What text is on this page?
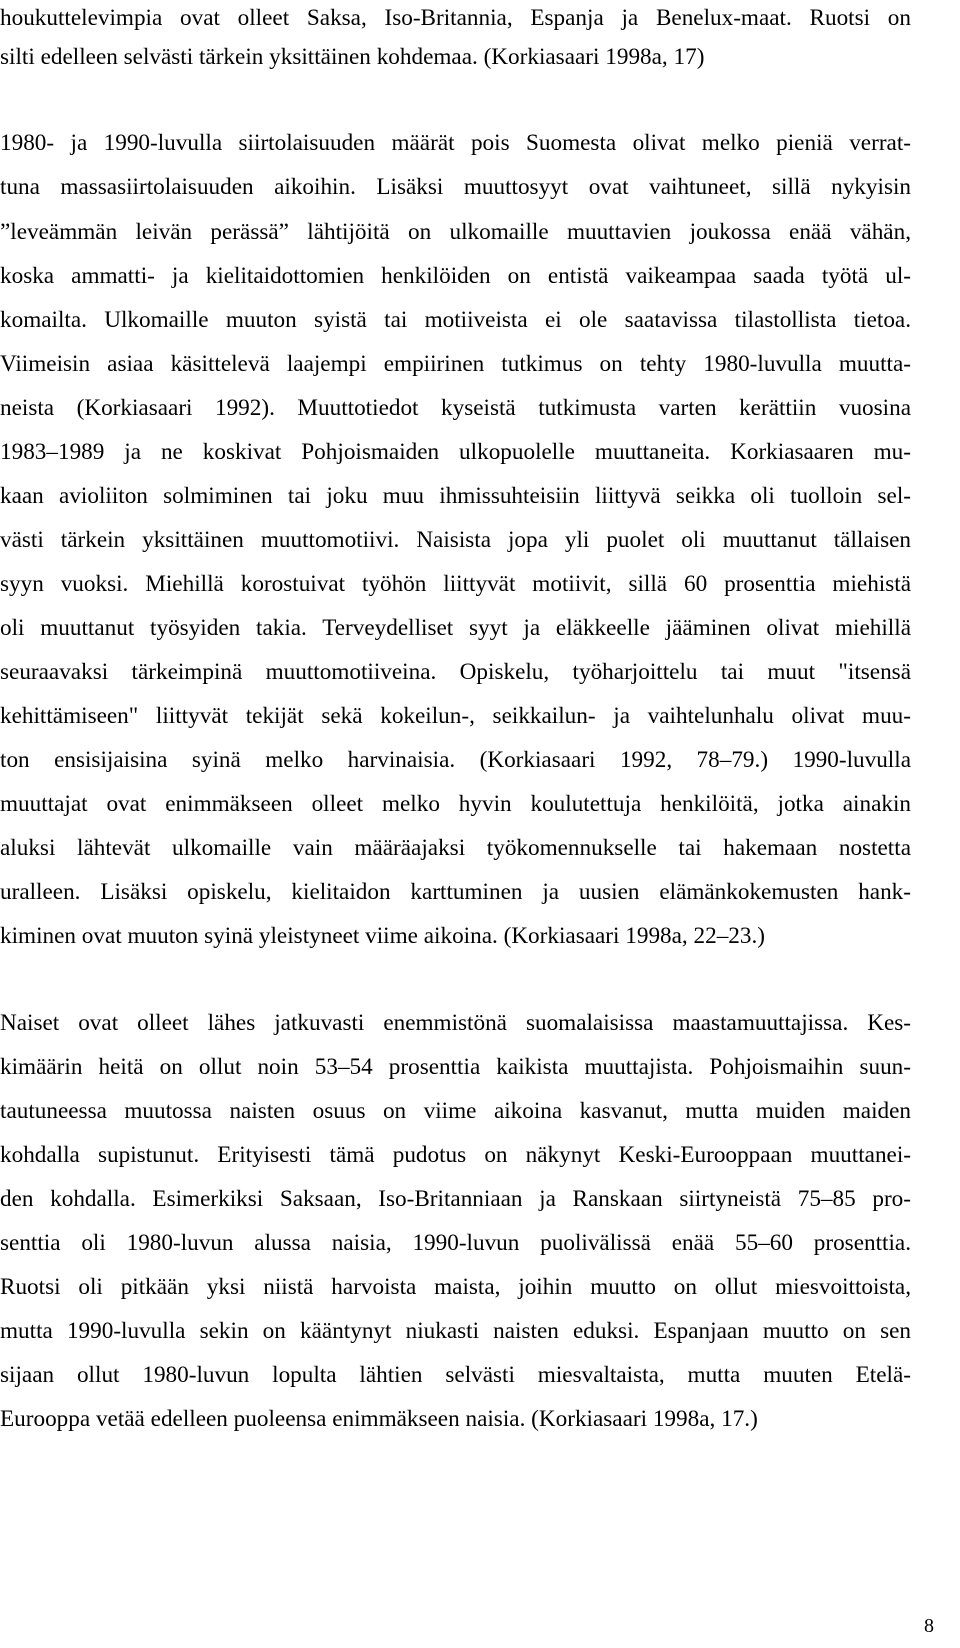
houkuttelevimpia ovat olleet Saksa, Iso-Britannia, Espanja ja Benelux-maat. Ruotsi on
silti edelleen selvästi tärkein yksittäinen kohdemaa. (Korkiasaari 1998a, 17)
1980- ja 1990-luvulla siirtolaisuuden määrät pois Suomesta olivat melko pieniä verrat-
tuna massasiirtolaisuuden aikoihin. Lisäksi muuttosyyt ovat vaihtuneet, sillä nykyisin
”leveämmän leivän perässä” lähtijöitä on ulkomaille muuttavien joukossa enää vähän,
koska ammatti- ja kielitaidottomien henkilöiden on entistä vaikeampaa saada työtä ul-
komailta. Ulkomaille muuton syistä tai motiiveista ei ole saatavissa tilastollista tietoa.
Viimeisin asiaa käsittelevä laajempi empiirinen tutkimus on tehty 1980-luvulla muutta-
neista (Korkiasaari 1992). Muuttotiedot kyseistä tutkimusta varten kerättiin vuosina
1983–1989 ja ne koskivat Pohjoismaiden ulkopuolelle muuttaneita. Korkiasaaren mu-
kaan avioliiton solmiminen tai joku muu ihmissuhteisiin liittyvä seikka oli tuolloin sel-
västi tärkein yksittäinen muuttomotiivi. Naisista jopa yli puolet oli muuttanut tällaisen
syyn vuoksi. Miehillä korostuivat työhön liittyvät motiivit, sillä 60 prosenttia miehistä
oli muuttanut työsyiden takia. Terveydelliset syyt ja eläkkeelle jääminen olivat miehillä
seuraavaksi tärkeimpinä muuttomotiiveina. Opiskelu, työharjoittelu tai muut "itsensä
kehittämiseen" liittyvät tekijät sekä kokeilun-, seikkailun- ja vaihtelunhalu olivat muu-
ton ensisijaisina syinä melko harvinaisia. (Korkiasaari 1992, 78–79.) 1990-luvulla
muuttajat ovat enimmäkseen olleet melko hyvin koulutettuja henkilöitä, jotka ainakin
aluksi lähtevät ulkomaille vain määräajaksi työkomennukselle tai hakemaan nostetta
uralleen. Lisäksi opiskelu, kielitaidon karttuminen ja uusien elämänkokemusten hank-
kiminen ovat muuton syinä yleistyneet viime aikoina. (Korkiasaari 1998a, 22–23.)
Naiset ovat olleet lähes jatkuvasti enemmistönä suomalaisissa maastamuuttajissa. Kes-
kimäärin heitä on ollut noin 53–54 prosenttia kaikista muuttajista. Pohjoismaihin suun-
tautuneessa muutossa naisten osuus on viime aikoina kasvanut, mutta muiden maiden
kohdalla supistunut. Erityisesti tämä pudotus on näkynyt Keski-Eurooppaan muuttanei-
den kohdalla. Esimerkiksi Saksaan, Iso-Britanniaan ja Ranskaan siirtyneistä 75–85 pro-
senttia oli 1980-luvun alussa naisia, 1990-luvun puolivälissä enää 55–60 prosenttia.
Ruotsi oli pitkään yksi niistä harvoista maista, joihin muutto on ollut miesvoittoista,
mutta 1990-luvulla sekin on kääntynyt niukasti naisten eduksi. Espanjaan muutto on sen
sijaan ollut 1980-luvun lopulta lähtien selvästi miesvaltaista, mutta muuten Etelä-
Eurooppa vetää edelleen puoleensa enimmäkseen naisia. (Korkiasaari 1998a, 17.)
8
